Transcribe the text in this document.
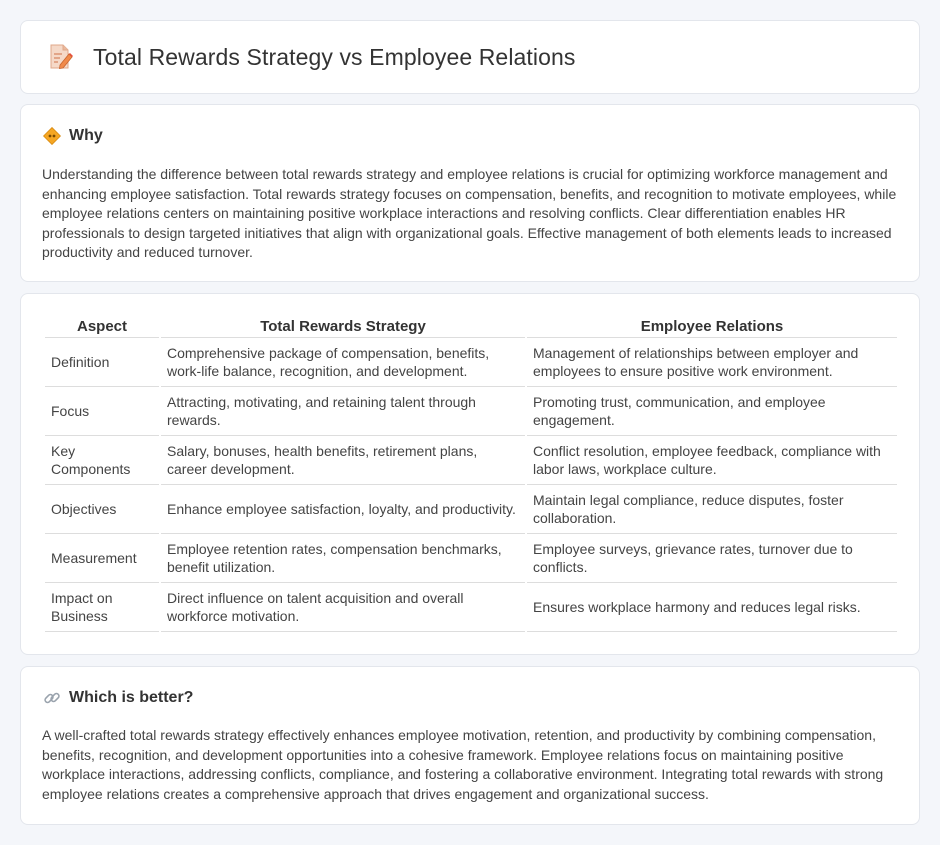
Total Rewards Strategy vs Employee Relations
Why

Understanding the difference between total rewards strategy and employee relations is crucial for optimizing workforce management and enhancing employee satisfaction. Total rewards strategy focuses on compensation, benefits, and recognition to motivate employees, while employee relations centers on maintaining positive workplace interactions and resolving conflicts. Clear differentiation enables HR professionals to design targeted initiatives that align with organizational goals. Effective management of both elements leads to increased productivity and reduced turnover.

Aspect	Total Rewards Strategy	Employee Relations
Definition	Comprehensive package of compensation, benefits, work-life balance, recognition, and development.	Management of relationships between employer and employees to ensure positive work environment.
Focus	Attracting, motivating, and retaining talent through rewards.	Promoting trust, communication, and employee engagement.
Key Components	Salary, bonuses, health benefits, retirement plans, career development.	Conflict resolution, employee feedback, compliance with labor laws, workplace culture.
Objectives	Enhance employee satisfaction, loyalty, and productivity.	Maintain legal compliance, reduce disputes, foster collaboration.
Measurement	Employee retention rates, compensation benchmarks, benefit utilization.	Employee surveys, grievance rates, turnover due to conflicts.
Impact on Business	Direct influence on talent acquisition and overall workforce motivation.	Ensures workplace harmony and reduces legal risks.
Which is better?

A well-crafted total rewards strategy effectively enhances employee motivation, retention, and productivity by combining compensation, benefits, recognition, and development opportunities into a cohesive framework. Employee relations focus on maintaining positive workplace interactions, addressing conflicts, compliance, and fostering a collaborative environment. Integrating total rewards with strong employee relations creates a comprehensive approach that drives engagement and organizational success.
